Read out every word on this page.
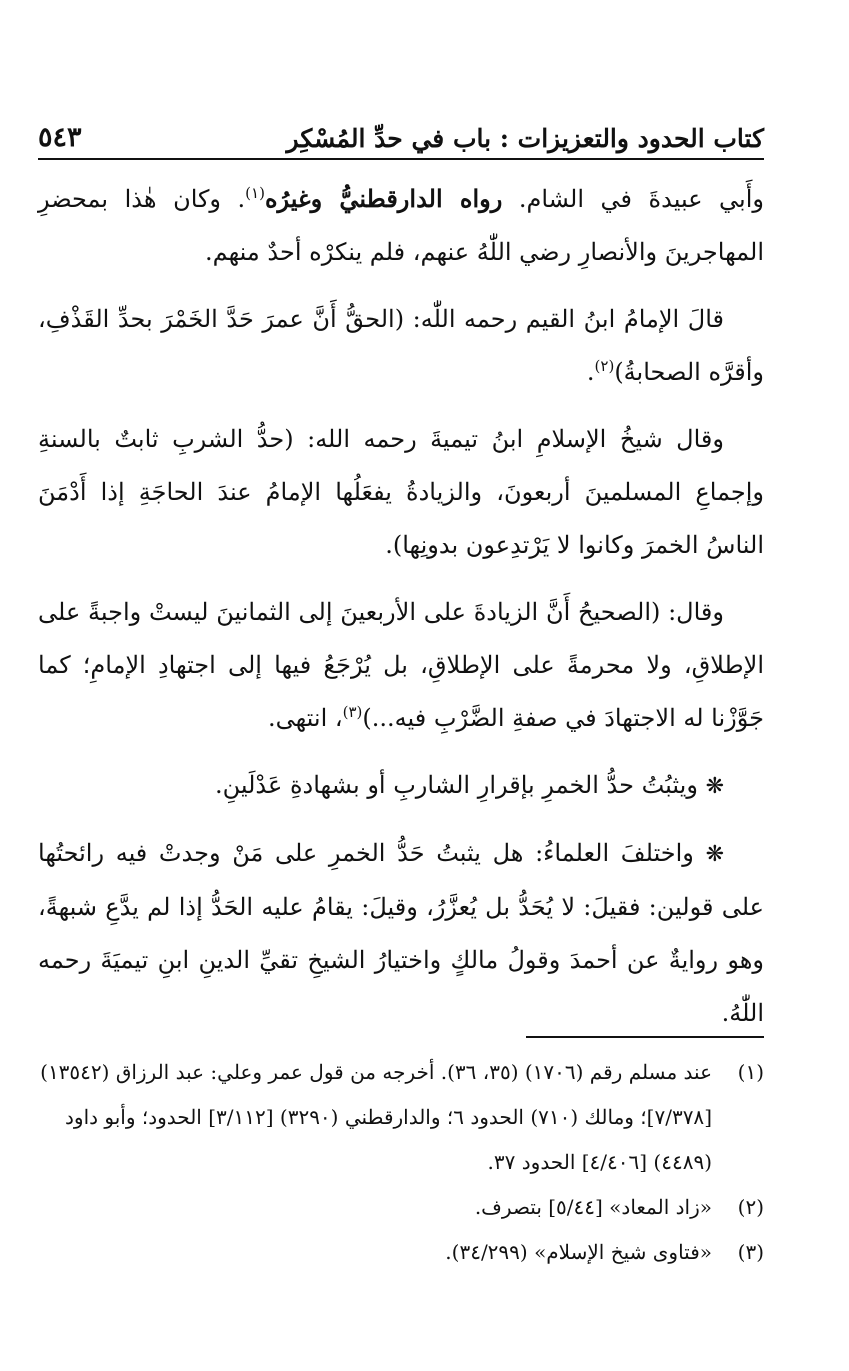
كتاب الحدود والتعزيزات : باب في حدِّ المُسْكِر
٥٤٣

وأَبي عبيدةَ في الشام. رواه الدارقطنيُّ وغيرُه$^{(١)}$. وكان هٰذا بمحضرِ المهاجرينَ والأنصارِ رضي اللّٰهُ عنهم، فلم ينكرْه أحدٌ منهم.

قالَ الإمامُ ابنُ القيم رحمه اللّٰه: (الحقُّ أَنَّ عمرَ حَدَّ الخَمْرَ بحدِّ القَذْفِ، وأقرَّه الصحابةُ)$^{(٢)}$.

وقال شيخُ الإسلامِ ابنُ تيميةَ رحمه الله: (حدُّ الشربِ ثابتٌ بالسنةِ وإجماعِ المسلمينَ أربعونَ، والزيادةُ يفعَلُها الإمامُ عندَ الحاجَةِ إذا أَدْمَنَ الناسُ الخمرَ وكانوا لا يَرْتدِعون بدونِها).

وقال: (الصحيحُ أَنَّ الزيادةَ على الأربعينَ إلى الثمانينَ ليستْ واجبةً على الإطلاقِ، ولا محرمةً على الإطلاقِ، بل يُرْجَعُ فيها إلى اجتهادِ الإمامِ؛ كما جَوَّزْنا له الاجتهادَ في صفةِ الضَّرْبِ فيه...)$^{(٣)}$، انتهى.

❋ ويثبُتُ حدُّ الخمرِ بإقرارِ الشاربِ أو بشهادةِ عَدْلَينِ.

❋ واختلفَ العلماءُ: هل يثبتُ حَدُّ الخمرِ على مَنْ وجدتْ فيه رائحتُها على قولين: فقيلَ: لا يُحَدُّ بل يُعزَّرُ، وقيلَ: يقامُ عليه الحَدُّ إذا لم يدَّعِ شبهةً، وهو روايةٌ عن أحمدَ وقولُ مالكٍ واختيارُ الشيخِ تقيِّ الدينِ ابنِ تيميَةَ رحمه اللّٰهُ.

(١)
عند مسلم رقم (١٧٠٦) (٣٥، ٣٦). أخرجه من قول عمر وعلي: عبد الرزاق (١٣٥٤٢) [٧/٣٧٨]؛ ومالك (٧١٠) الحدود ٦؛ والدارقطني (٣٢٩٠) [٣/١١٢] الحدود؛ وأبو داود (٤٤٨٩) [٤/٤٠٦] الحدود ٣٧.
(٢)
«زاد المعاد» [٥/٤٤] بتصرف.
(٣)
«فتاوى شيخ الإسلام» (٣٤/٢٩٩).
